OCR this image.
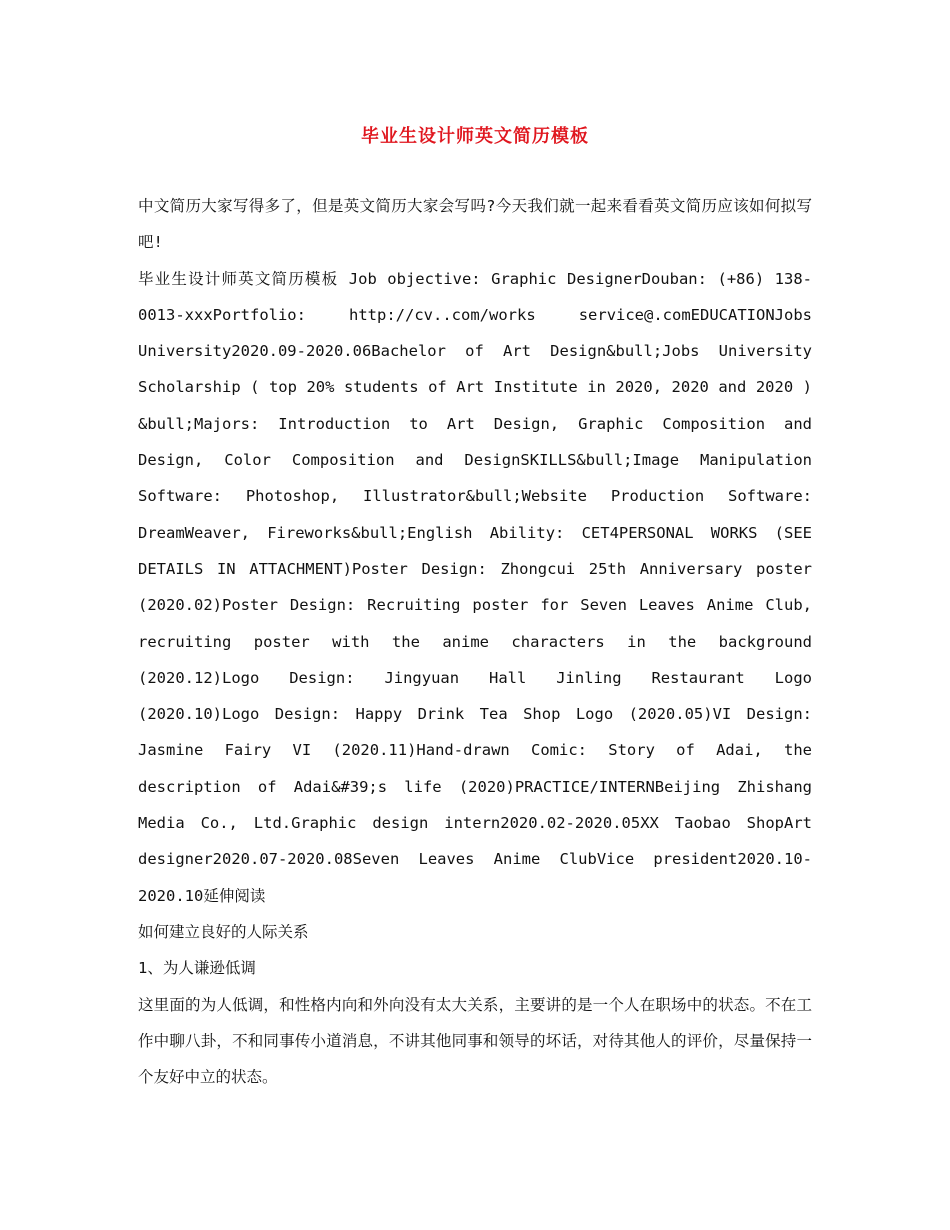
毕业生设计师英文简历模板

中文简历大家写得多了，但是英文简历大家会写吗?今天我们就一起来看看英文简历应该如何拟写吧!

毕业生设计师英文简历模板 Job objective: Graphic DesignerDouban: (+86) 138-0013-xxxPortfolio: http://cv..com/works service@.comEDUCATIONJobs University2020.09-2020.06Bachelor of Art Design&bull;Jobs University Scholarship ( top 20% students of Art Institute in 2020, 2020 and 2020 ) &bull;Majors: Introduction to Art Design, Graphic Composition and Design, Color Composition and DesignSKILLS&bull;Image Manipulation Software: Photoshop, Illustrator&bull;Website Production Software: DreamWeaver, Fireworks&bull;English Ability: CET4PERSONAL WORKS (SEE DETAILS IN ATTACHMENT)Poster Design: Zhongcui 25th Anniversary poster (2020.02)Poster Design: Recruiting poster for Seven Leaves Anime Club, recruiting poster with the anime characters in the background (2020.12)Logo Design: Jingyuan Hall Jinling Restaurant Logo (2020.10)Logo Design: Happy Drink Tea Shop Logo (2020.05)VI Design: Jasmine Fairy VI (2020.11)Hand-drawn Comic: Story of Adai, the description of Adai&#39;s life (2020)PRACTICE/INTERNBeijing Zhishang Media Co., Ltd.Graphic design intern2020.02-2020.05XX Taobao ShopArt designer2020.07-2020.08Seven Leaves Anime ClubVice president2020.10-2020.10延伸阅读

如何建立良好的人际关系

1、为人谦逊低调

这里面的为人低调，和性格内向和外向没有太大关系，主要讲的是一个人在职场中的状态。不在工作中聊八卦，不和同事传小道消息，不讲其他同事和领导的坏话，对待其他人的评价，尽量保持一个友好中立的状态。
